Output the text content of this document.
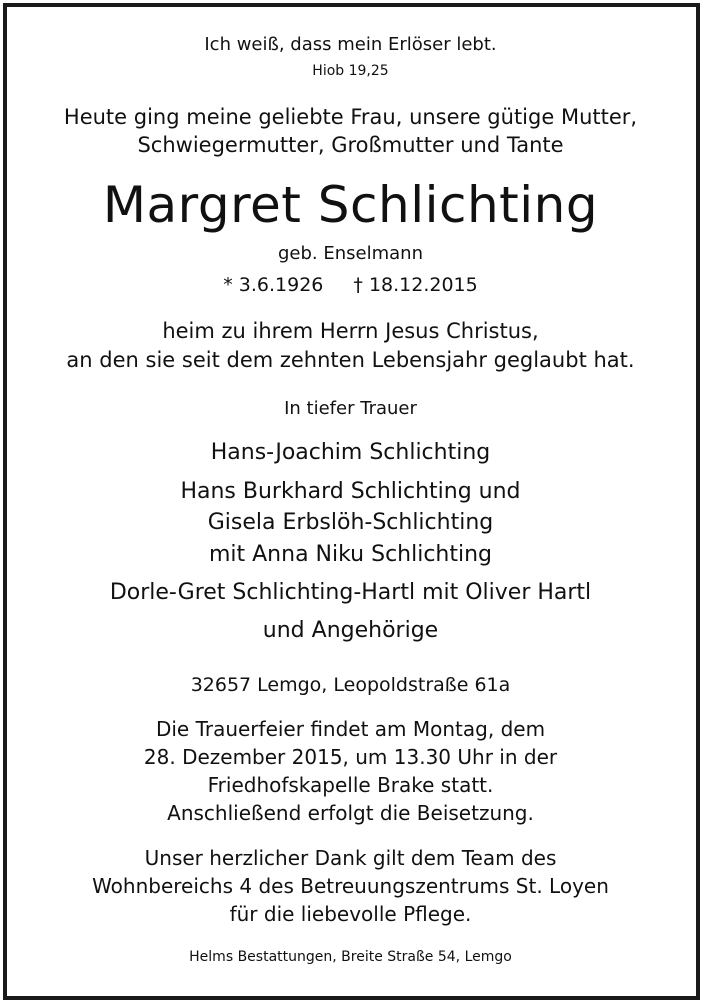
Ich weiß, dass mein Erlöser lebt.
Hiob 19,25
Heute ging meine geliebte Frau, unsere gütige Mutter,
Schwiegermutter, Großmutter und Tante
Margret Schlichting
geb. Enselmann
* 3.6.1926 † 18.12.2015
heim zu ihrem Herrn Jesus Christus,
an den sie seit dem zehnten Lebensjahr geglaubt hat.
In tiefer Trauer
Hans-Joachim Schlichting
Hans Burkhard Schlichting und
Gisela Erbslöh-Schlichting
mit Anna Niku Schlichting
Dorle-Gret Schlichting-Hartl mit Oliver Hartl
und Angehörige
32657 Lemgo, Leopoldstraße 61a
Die Trauerfeier findet am Montag, dem
28. Dezember 2015, um 13.30 Uhr in der
Friedhofskapelle Brake statt.
Anschließend erfolgt die Beisetzung.
Unser herzlicher Dank gilt dem Team des
Wohnbereichs 4 des Betreuungszentrums St. Loyen
für die liebevolle Pflege.
Helms Bestattungen, Breite Straße 54, Lemgo
